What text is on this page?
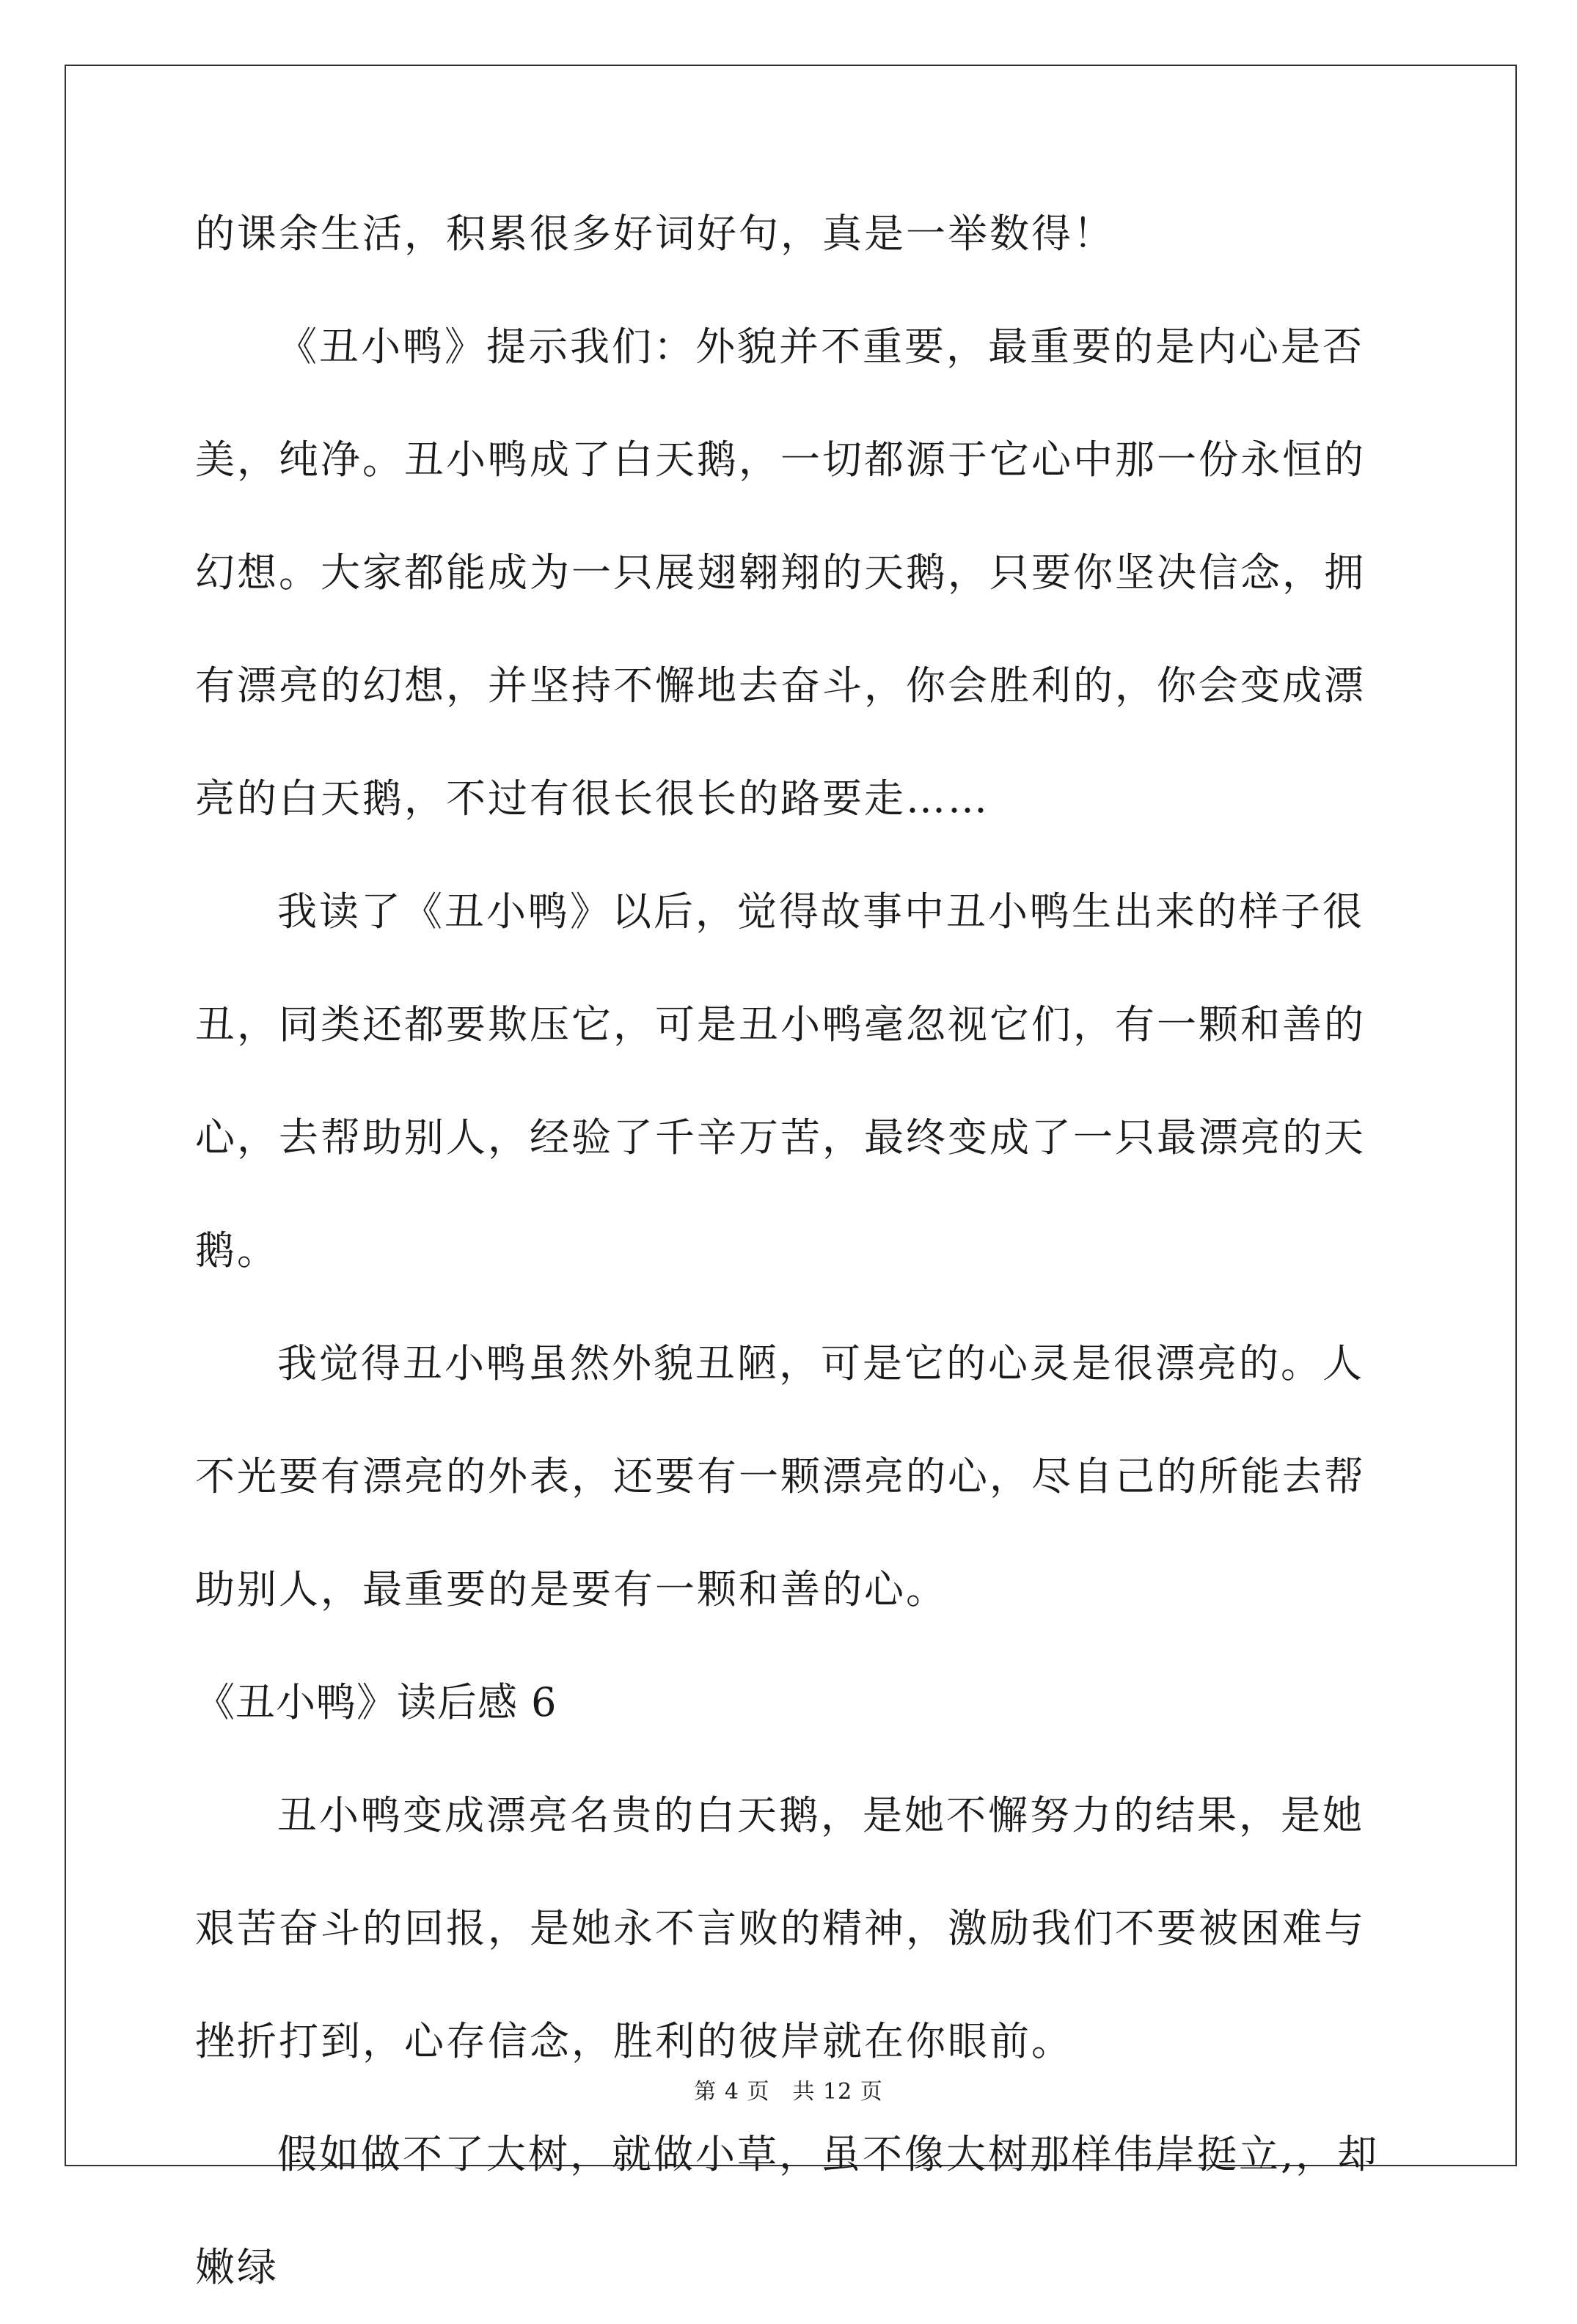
的课余生活，积累很多好词好句，真是一举数得！

《丑小鸭》提示我们：外貌并不重要，最重要的是内心是否美，纯净。丑小鸭成了白天鹅，一切都源于它心中那一份永恒的幻想。大家都能成为一只展翅翱翔的天鹅，只要你坚决信念，拥有漂亮的幻想，并坚持不懈地去奋斗，你会胜利的，你会变成漂亮的白天鹅，不过有很长很长的路要走……

我读了《丑小鸭》以后，觉得故事中丑小鸭生出来的样子很丑，同类还都要欺压它，可是丑小鸭毫忽视它们，有一颗和善的心，去帮助别人，经验了千辛万苦，最终变成了一只最漂亮的天鹅。

我觉得丑小鸭虽然外貌丑陋，可是它的心灵是很漂亮的。人不光要有漂亮的外表，还要有一颗漂亮的心，尽自己的所能去帮助别人，最重要的是要有一颗和善的心。

《丑小鸭》读后感 6

丑小鸭变成漂亮名贵的白天鹅，是她不懈努力的结果，是她艰苦奋斗的回报，是她永不言败的精神，激励我们不要被困难与挫折打到，心存信念，胜利的彼岸就在你眼前。

假如做不了大树，就做小草，虽不像大树那样伟岸挺立,，却嫩绿

第 4 页　共 12 页
